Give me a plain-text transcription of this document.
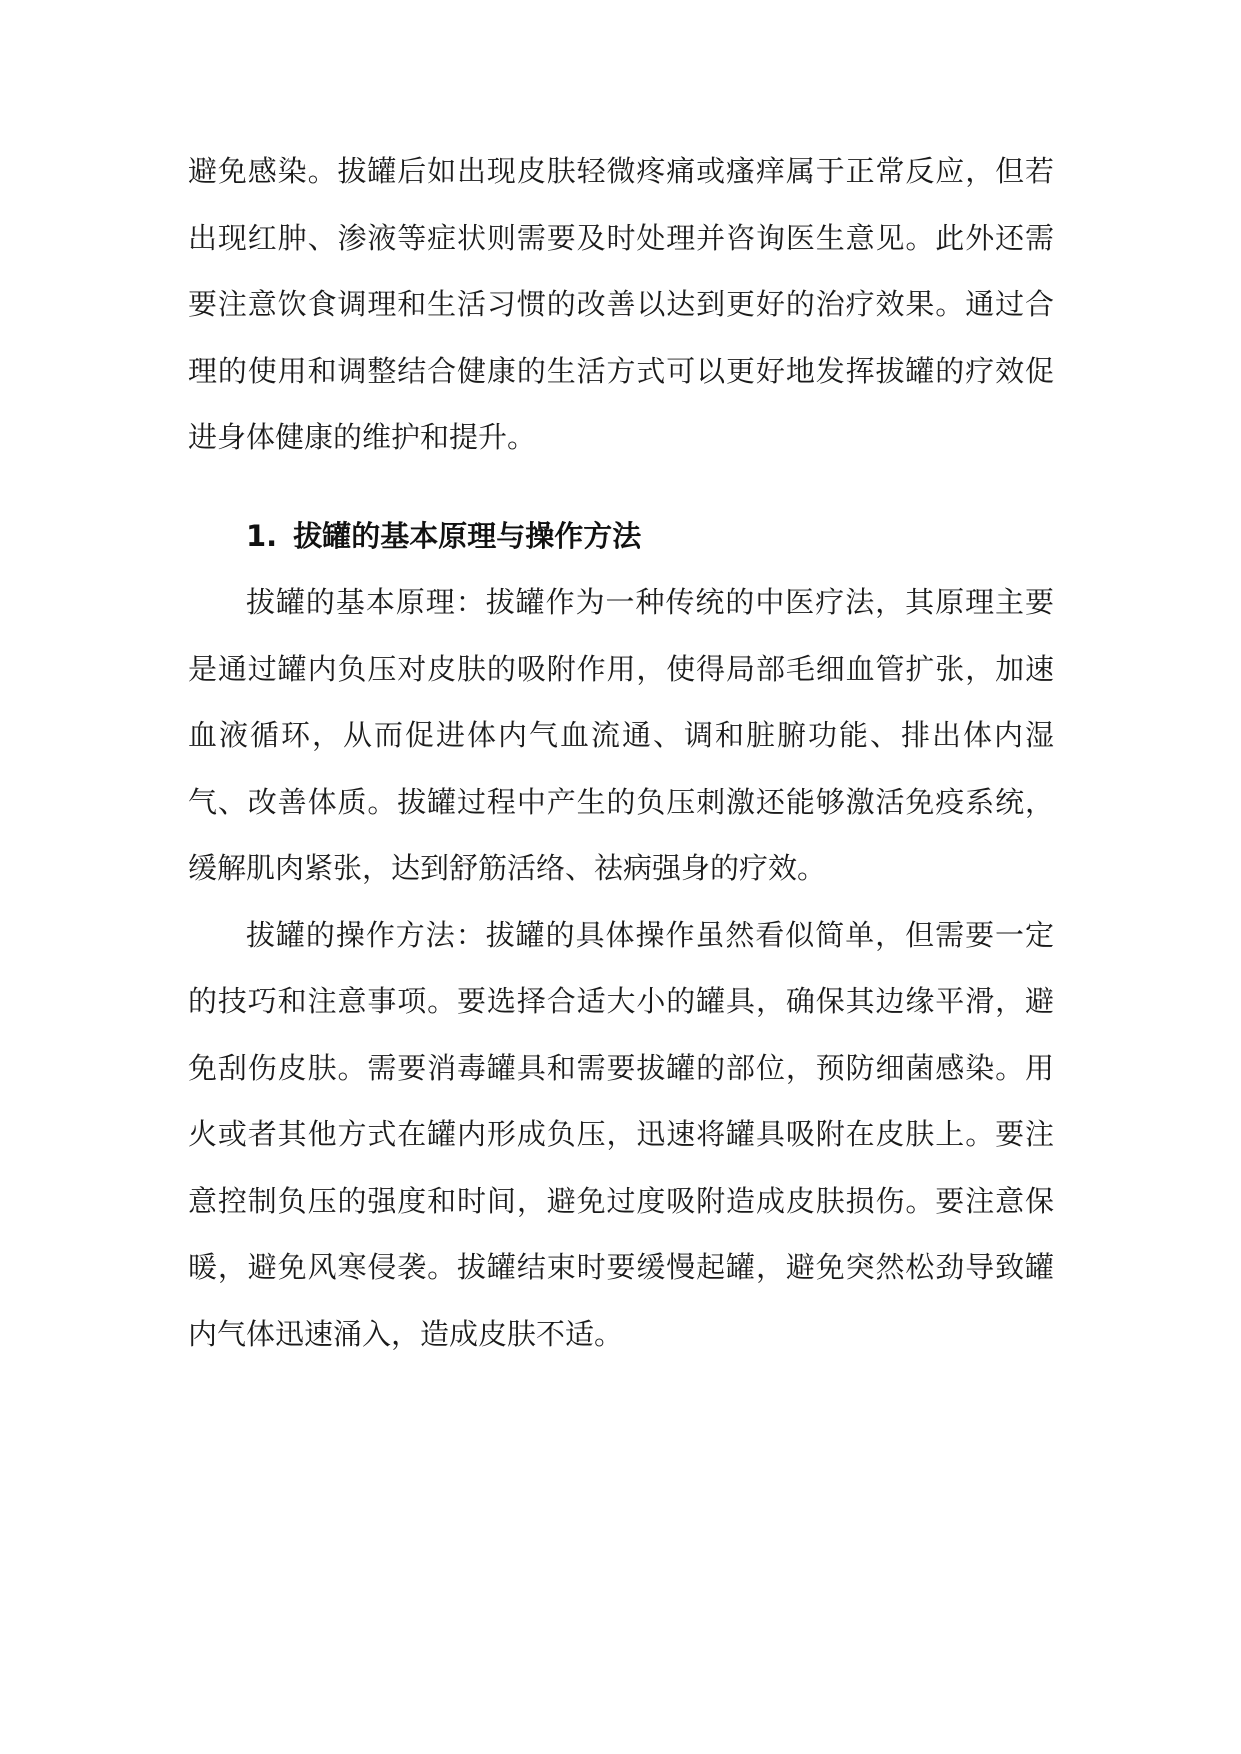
避免感染。拔罐后如出现皮肤轻微疼痛或瘙痒属于正常反应，但若出现红肿、渗液等症状则需要及时处理并咨询医生意见。此外还需要注意饮食调理和生活习惯的改善以达到更好的治疗效果。通过合理的使用和调整结合健康的生活方式可以更好地发挥拔罐的疗效促进身体健康的维护和提升。

1. 拔罐的基本原理与操作方法

拔罐的基本原理：拔罐作为一种传统的中医疗法，其原理主要是通过罐内负压对皮肤的吸附作用，使得局部毛细血管扩张，加速血液循环，从而促进体内气血流通、调和脏腑功能、排出体内湿气、改善体质。拔罐过程中产生的负压刺激还能够激活免疫系统，缓解肌肉紧张，达到舒筋活络、祛病强身的疗效。

拔罐的操作方法：拔罐的具体操作虽然看似简单，但需要一定的技巧和注意事项。要选择合适大小的罐具，确保其边缘平滑，避免刮伤皮肤。需要消毒罐具和需要拔罐的部位，预防细菌感染。用火或者其他方式在罐内形成负压，迅速将罐具吸附在皮肤上。要注意控制负压的强度和时间，避免过度吸附造成皮肤损伤。要注意保暖，避免风寒侵袭。拔罐结束时要缓慢起罐，避免突然松劲导致罐内气体迅速涌入，造成皮肤不适。
